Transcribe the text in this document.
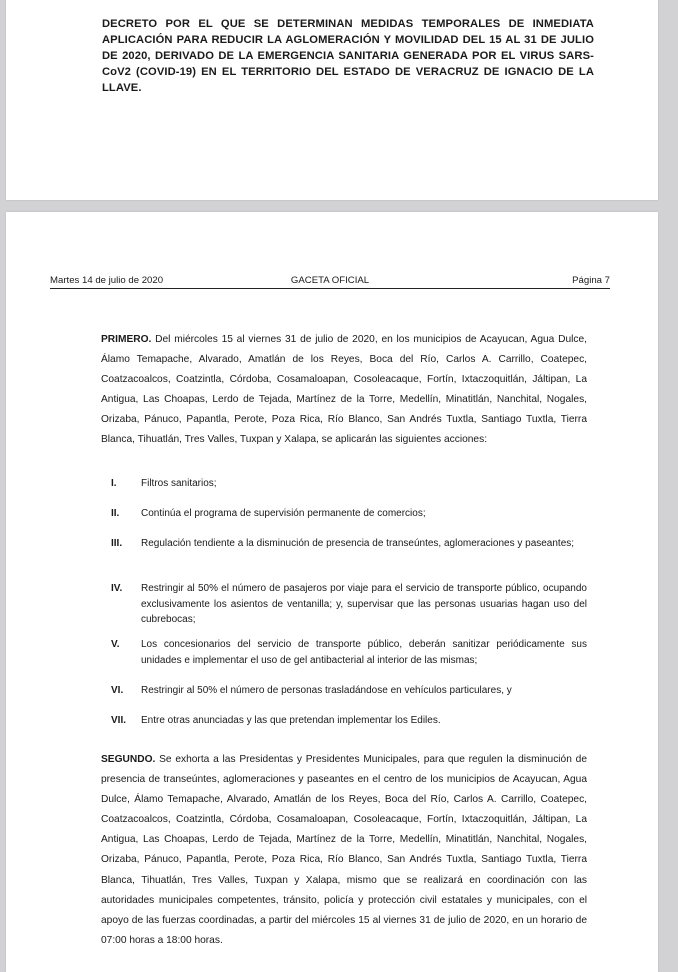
DECRETO POR EL QUE SE DETERMINAN MEDIDAS TEMPORALES DE INMEDIATA APLICACIÓN PARA REDUCIR LA AGLOMERACIÓN Y MOVILIDAD DEL 15 AL 31 DE JULIO DE 2020, DERIVADO DE LA EMERGENCIA SANITARIA GENERADA POR EL VIRUS SARS-CoV2 (COVID-19) EN EL TERRITORIO DEL ESTADO DE VERACRUZ DE IGNACIO DE LA LLAVE.
Martes 14 de julio de 2020	GACETA OFICIAL	Página 7
PRIMERO. Del miércoles 15 al viernes 31 de julio de 2020, en los municipios de Acayucan, Agua Dulce, Álamo Temapache, Alvarado, Amatlán de los Reyes, Boca del Río, Carlos A. Carrillo, Coatepec, Coatzacoalcos, Coatzintla, Córdoba, Cosamaloapan, Cosoleacaque, Fortín, Ixtaczoquitlán, Jáltipan, La Antigua, Las Choapas, Lerdo de Tejada, Martínez de la Torre, Medellín, Minatitlán, Nanchital, Nogales, Orizaba, Pánuco, Papantla, Perote, Poza Rica, Río Blanco, San Andrés Tuxtla, Santiago Tuxtla, Tierra Blanca, Tihuatlán, Tres Valles, Tuxpan y Xalapa, se aplicarán las siguientes acciones:
I. Filtros sanitarios;
II. Continúa el programa de supervisión permanente de comercios;
III. Regulación tendiente a la disminución de presencia de transeúntes, aglomeraciones y paseantes;
IV. Restringir al 50% el número de pasajeros por viaje para el servicio de transporte público, ocupando exclusivamente los asientos de ventanilla; y, supervisar que las personas usuarias hagan uso del cubrebocas;
V. Los concesionarios del servicio de transporte público, deberán sanitizar periódicamente sus unidades e implementar el uso de gel antibacterial al interior de las mismas;
VI. Restringir al 50% el número de personas trasladándose en vehículos particulares, y
VII. Entre otras anunciadas y las que pretendan implementar los Ediles.
SEGUNDO. Se exhorta a las Presidentas y Presidentes Municipales, para que regulen la disminución de presencia de transeúntes, aglomeraciones y paseantes en el centro de los municipios de Acayucan, Agua Dulce, Álamo Temapache, Alvarado, Amatlán de los Reyes, Boca del Río, Carlos A. Carrillo, Coatepec, Coatzacoalcos, Coatzintla, Córdoba, Cosamaloapan, Cosoleacaque, Fortín, Ixtaczoquitlán, Jáltipan, La Antigua, Las Choapas, Lerdo de Tejada, Martínez de la Torre, Medellín, Minatitlán, Nanchital, Nogales, Orizaba, Pánuco, Papantla, Perote, Poza Rica, Río Blanco, San Andrés Tuxtla, Santiago Tuxtla, Tierra Blanca, Tihuatlán, Tres Valles, Tuxpan y Xalapa, mismo que se realizará en coordinación con las autoridades municipales competentes, tránsito, policía y protección civil estatales y municipales, con el apoyo de las fuerzas coordinadas, a partir del miércoles 15 al viernes 31 de julio de 2020, en un horario de 07:00 horas a 18:00 horas.
